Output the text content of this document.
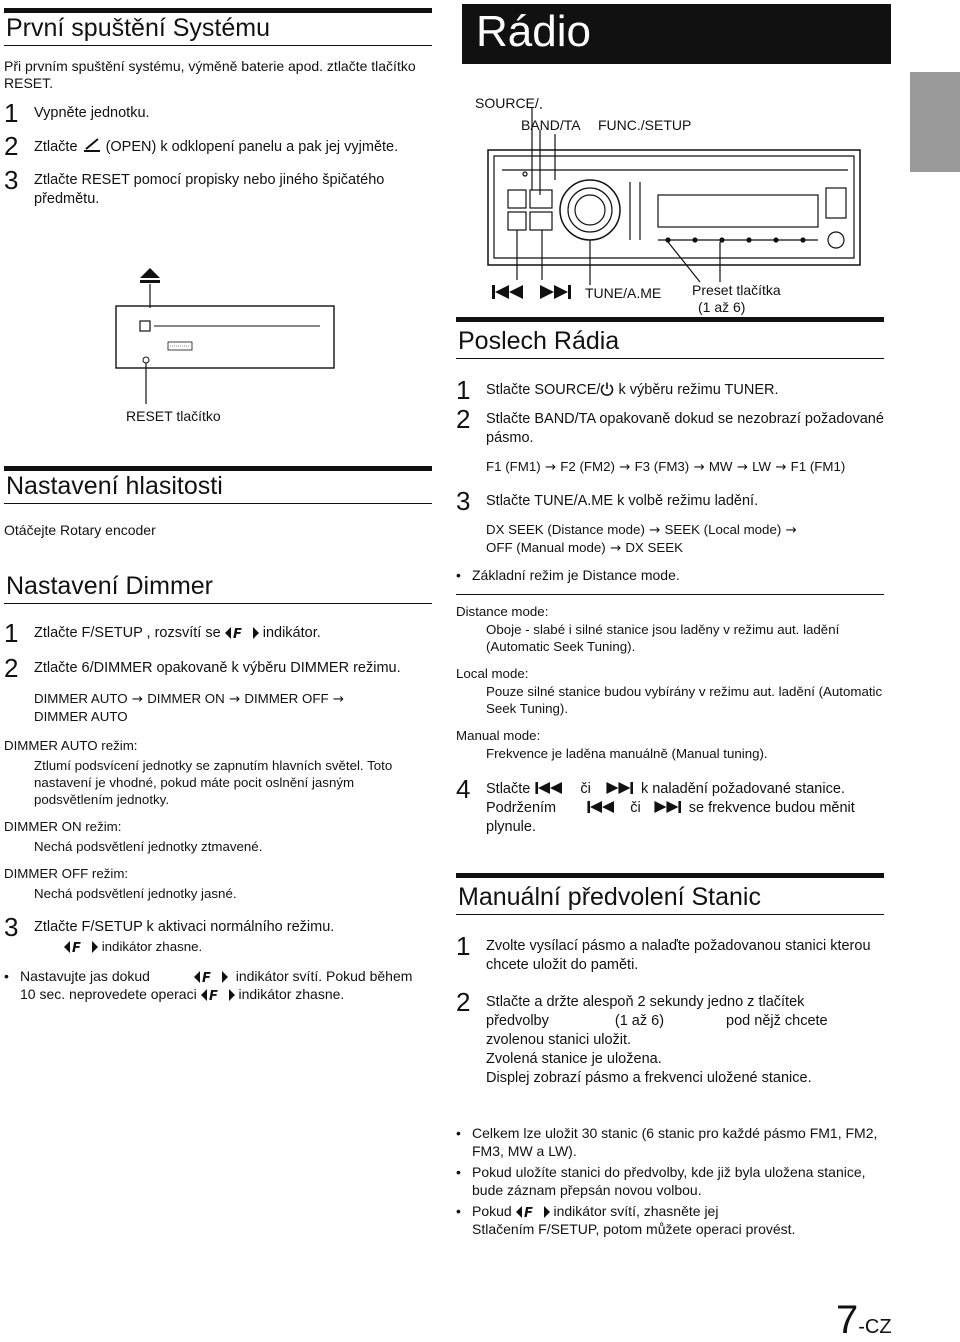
První spuštění Systému
Při prvním spuštění systému, výměně baterie apod. ztlačte tlačítko RESET.
1	Vypněte jednotku.
2	Ztlačte (OPEN) k odklopení panelu a pak jej vyjměte.
3	Ztlačte RESET pomocí propisky nebo jiného špičatého předmětu.
RESET tlačítko
Nastavení hlasitosti
Otáčejte Rotary encoder
Nastavení Dimmer
1	Ztlačte F/SETUP , rozsvítí se F indikátor.
2	Ztlačte 6/DIMMER opakovaně k výběru DIMMER režimu.
DIMMER AUTO → DIMMER ON → DIMMER OFF →
DIMMER AUTO
DIMMER AUTO režim:
Ztlumí podsvícení jednotky se zapnutím hlavních světel. Toto nastavení je vhodné, pokud máte pocit oslnění jasným podsvětlením jednotky.
DIMMER ON režim:
Nechá podsvětlení jednotky ztmavené.
DIMMER OFF režim:
Nechá podsvětlení jednotky jasné.
3	Ztlačte F/SETUP k aktivaci normálního režimu.
F indikátor zhasne.
• Nastavujte jas dokud	F indikátor svítí. Pokud během
10 sec. neprovedete operaci F indikátor zhasne.
Rádio
SOURCE/
BAND/TA FUNC./SETUP
TUNE/A.ME Preset tlačítka
(1 až 6)
Poslech Rádia
1	Stlačte SOURCE/ k výběru režimu TUNER.
2	Stlačte BAND/TA opakovaně dokud se nezobrazí požadované pásmo.
F1 (FM1) → F2 (FM2) → F3 (FM3) → MW → LW → F1 (FM1)
3	Stlačte TUNE/A.ME k volbě režimu ladění.
DX SEEK (Distance mode) → SEEK (Local mode) →
OFF (Manual mode) → DX SEEK
• Základní režim je Distance mode.
Distance mode:
Oboje - slabé i silné stanice jsou laděny v režimu aut. ladění (Automatic Seek Tuning).
Local mode:
Pouze silné stanice budou vybírány v režimu aut. ladění (Automatic Seek Tuning).
Manual mode:
Frekvence je laděna manuálně (Manual tuning).
4	Stlačte	či	k naladění požadované stanice.
Podržením	či	se frekvence budou měnit plynule.
Manuální předvolení Stanic
1	Zvolte vysílací pásmo a nalaďte požadovanou stanici kterou chcete uložit do paměti.
2	Stlačte a držte alespoň 2 sekundy jedno z tlačítek
předvolby	(1 až 6)	pod nějž chcete
zvolenou stanici uložit.
Zvolená stanice je uložena.
Displej zobrazí pásmo a frekvenci uložené stanice.
• Celkem lze uložit 30 stanic (6 stanic pro každé pásmo FM1, FM2, FM3, MW a LW).
• Pokud uložíte stanici do předvolby, kde již byla uložena stanice, bude záznam přepsán novou volbou.
• Pokud F indikátor svítí, zhasněte jej
Stlačením F/SETUP, potom můžete operaci provést.
7-CZ
